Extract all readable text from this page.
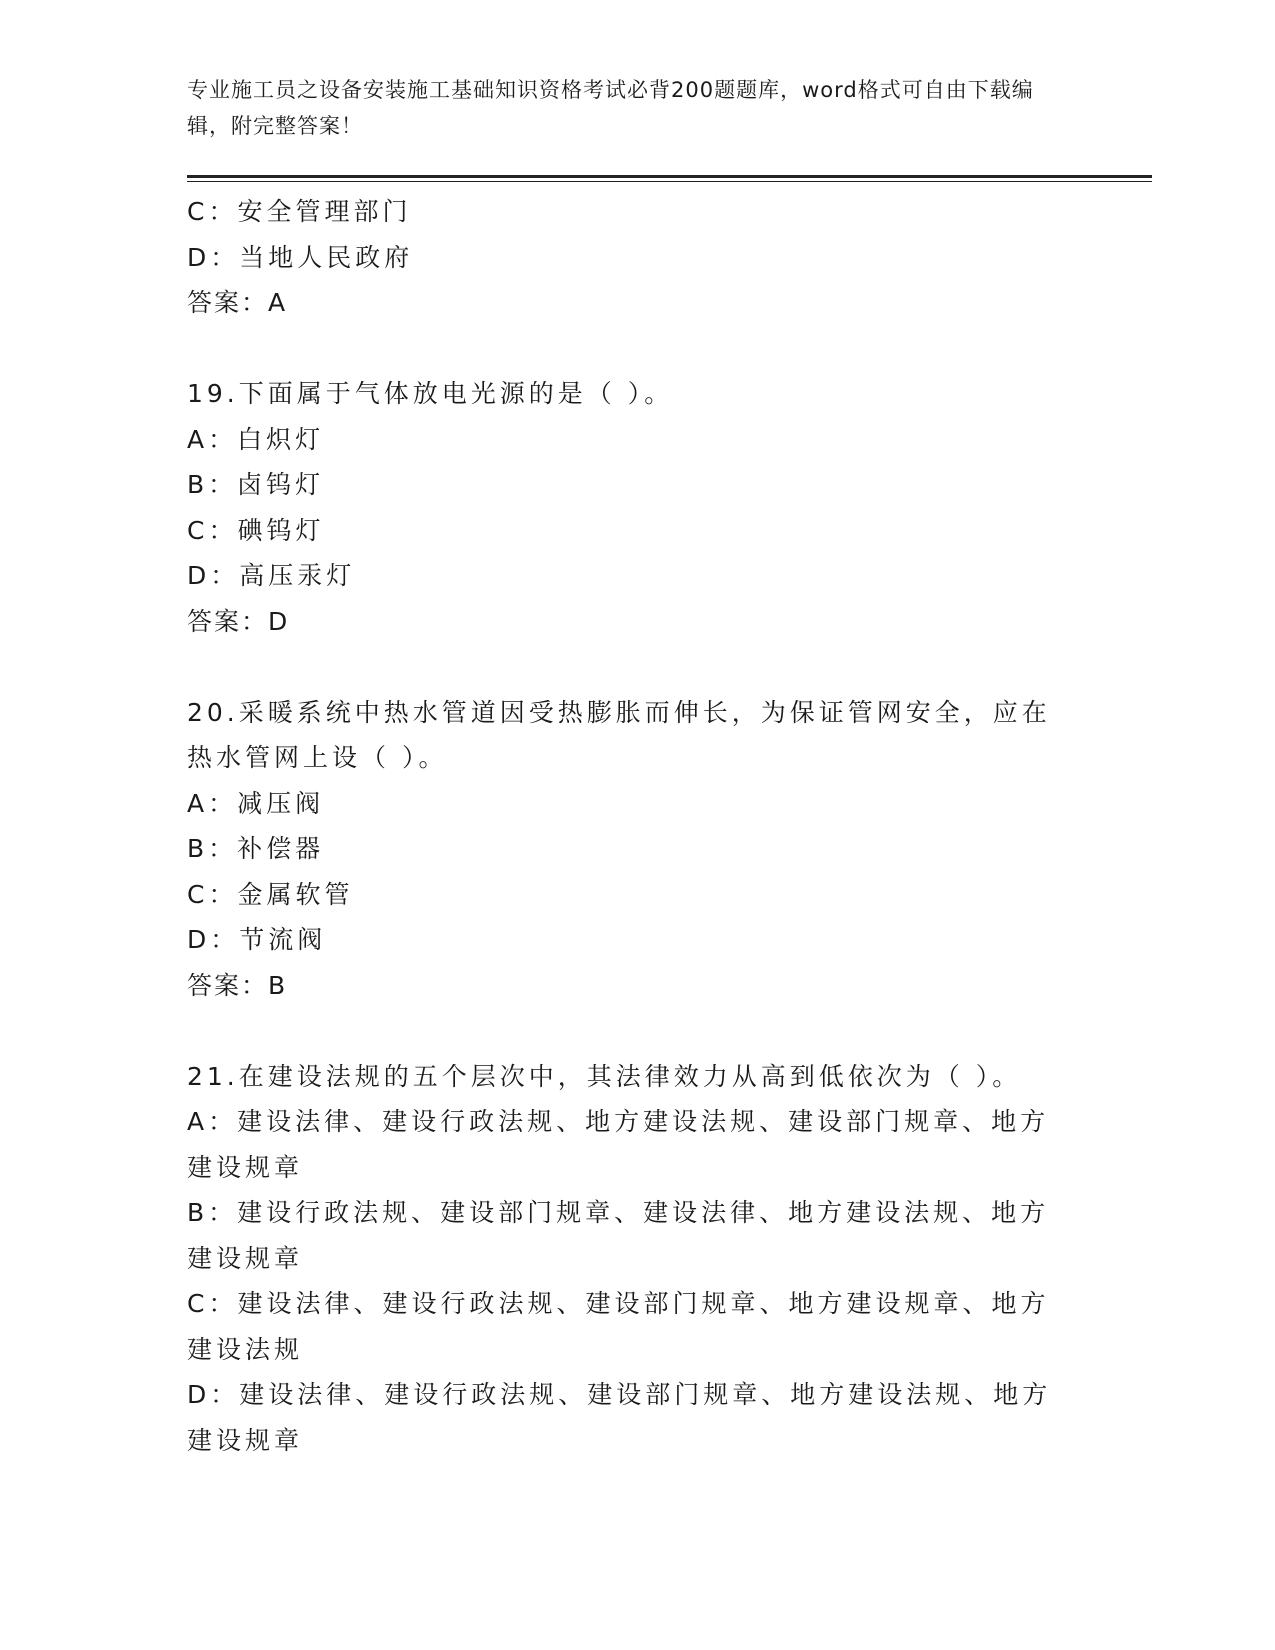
专业施工员之设备安装施工基础知识资格考试必背200题题库，word格式可自由下载编辑，附完整答案！
C：安全管理部门
D：当地人民政府
答案：A
19.下面属于气体放电光源的是（ ）。
A：白炽灯
B：卤钨灯
C：碘钨灯
D：高压汞灯
答案：D
20.采暖系统中热水管道因受热膨胀而伸长，为保证管网安全，应在热水管网上设（ ）。
A：减压阀
B：补偿器
C：金属软管
D：节流阀
答案：B
21.在建设法规的五个层次中，其法律效力从高到低依次为（ ）。
A：建设法律、建设行政法规、地方建设法规、建设部门规章、地方建设规章
B：建设行政法规、建设部门规章、建设法律、地方建设法规、地方建设规章
C：建设法律、建设行政法规、建设部门规章、地方建设规章、地方建设法规
D：建设法律、建设行政法规、建设部门规章、地方建设法规、地方建设规章
